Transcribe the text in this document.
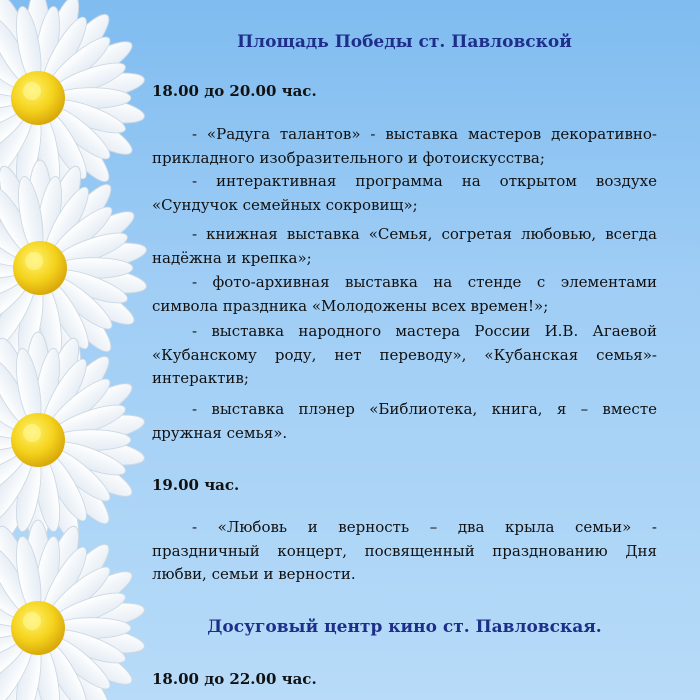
Площадь Победы ст. Павловской
18.00 до 20.00 час.
- «Радуга талантов» - выставка мастеров декоративно-
прикладного изобразительного и фотоискусства;
- интерактивная программа на открытом воздухе
«Сундучок семейных сокровищ»;
- книжная выставка «Семья, согретая любовью, всегда
надёжна и крепка»;
- фото-архивная выставка на стенде с элементами
символа праздника «Молодожены всех времен!»;
- выставка народного мастера России И.В. Агаевой
«Кубанскому роду, нет переводу», «Кубанская семья»-
интерактив;
- выставка плэнер «Библиотека, книга, я – вместе
дружная семья».
19.00 час.
- «Любовь и верность – два крыла семьи» -
праздничный концерт, посвященный празднованию Дня
любви, семьи и верности.
Досуговый центр кино ст. Павловская.
18.00 до 22.00 час.
